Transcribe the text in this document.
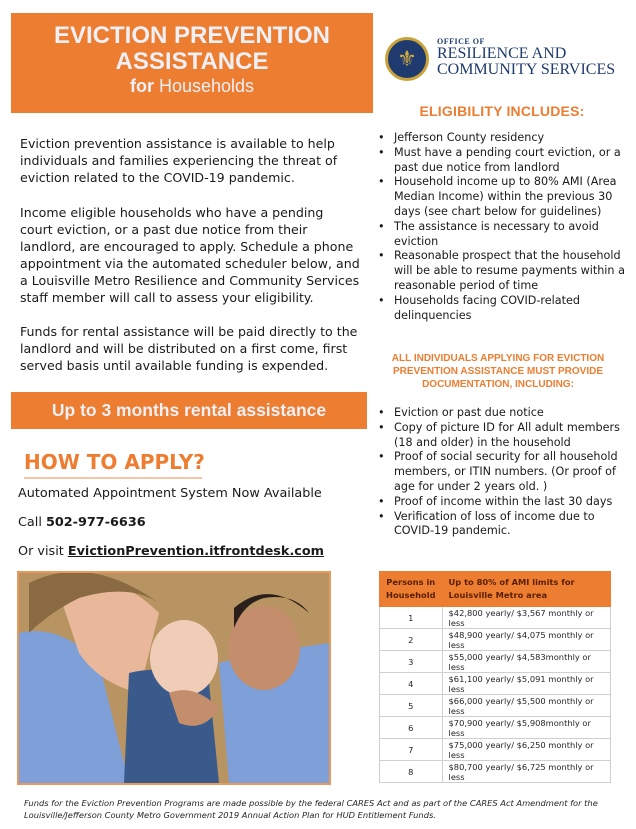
EVICTION PREVENTION
ASSISTANCE
for Households
⚜
OFFICE OF
RESILIENCE AND
COMMUNITY SERVICES
ELIGIBILITY INCLUDES:
• Jefferson County residency
• Must have a pending court eviction, or a past due notice from landlord
• Household income up to 80% AMI (Area Median Income) within the previous 30 days (see chart below for guidelines)
• The assistance is necessary to avoid eviction
• Reasonable prospect that the household will be able to resume payments within a reasonable period of time
• Households facing COVID-related delinquencies
ALL INDIVIDUALS APPLYING FOR EVICTION PREVENTION ASSISTANCE MUST PROVIDE DOCUMENTATION, INCLUDING:
• Eviction or past due notice
• Copy of picture ID for All adult members (18 and older) in the household
• Proof of social security for all household members, or ITIN numbers. (Or proof of age for under 2 years old. )
• Proof of income within the last 30 days
• Verification of loss of income due to COVID-19 pandemic.

Eviction prevention assistance is available to help individuals and families experiencing the threat of eviction related to the COVID-19 pandemic.

Income eligible households who have a pending court eviction, or a past due notice from their landlord, are encouraged to apply. Schedule a phone appointment via the automated scheduler below, and a Louisville Metro Resilience and Community Services staff member will call to assess your eligibility.

Funds for rental assistance will be paid directly to the landlord and will be distributed on a first come, first served basis until available funding is expended.

Up to 3 months rental assistance
HOW TO APPLY?
Automated Appointment System Now Available
Call 502-977-6636
Or visit EvictionPrevention.itfrontdesk.com
Persons in Household	Up to 80% of AMI limits for Louisville Metro area
1	$42,800 yearly/ $3,567 monthly or less
2	$48,900 yearly/ $4,075 monthly or less
3	$55,000 yearly/ $4,583monthly or less
4	$61,100 yearly/ $5,091 monthly or less
5	$66,000 yearly/ $5,500 monthly or less
6	$70,900 yearly/ $5,908monthly or less
7	$75,000 yearly/ $6,250 monthly or less
8	$80,700 yearly/ $6,725 monthly or less

Funds for the Eviction Prevention Programs are made possible by the federal CARES Act and as part of the CARES Act Amendment for the Louisville/Jefferson County Metro Government 2019 Annual Action Plan for HUD Entitlement Funds.
